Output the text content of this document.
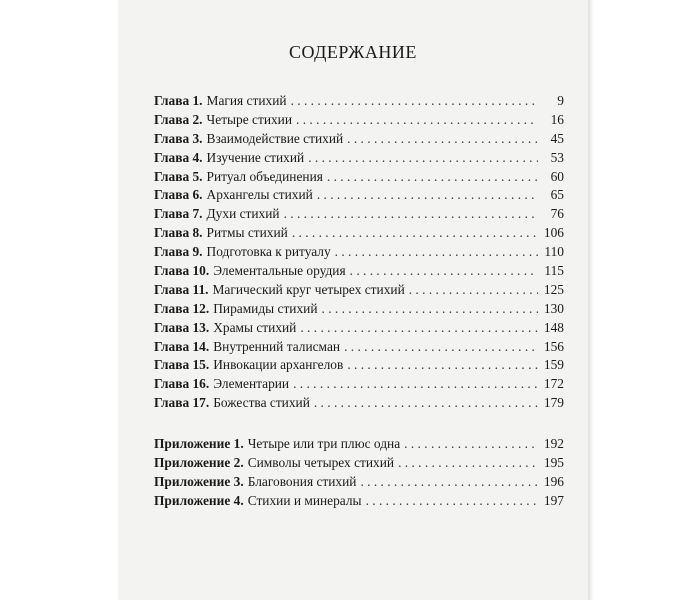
СОДЕРЖАНИЕ
Глава 1. Магия стихий . . .	9
Глава 2. Четыре стихии . . .	16
Глава 3. Взаимодействие стихий . . .	45
Глава 4. Изучение стихий . . .	53
Глава 5. Ритуал объединения . . .	60
Глава 6. Архангелы стихий . . .	65
Глава 7. Духи стихий . . .	76
Глава 8. Ритмы стихий . . .	106
Глава 9. Подготовка к ритуалу . . .	110
Глава 10. Элементальные орудия . . .	115
Глава 11. Магический круг четырех стихий . . .	125
Глава 12. Пирамиды стихий . . .	130
Глава 13. Храмы стихий . . .	148
Глава 14. Внутренний талисман . . .	156
Глава 15. Инвокации архангелов . . .	159
Глава 16. Элементарии . . .	172
Глава 17. Божества стихий . . .	179
Приложение 1. Четыре или три плюс одна . . .	192
Приложение 2. Символы четырех стихий . . .	195
Приложение 3. Благовония стихий . . .	196
Приложение 4. Стихии и минералы . . .	197
